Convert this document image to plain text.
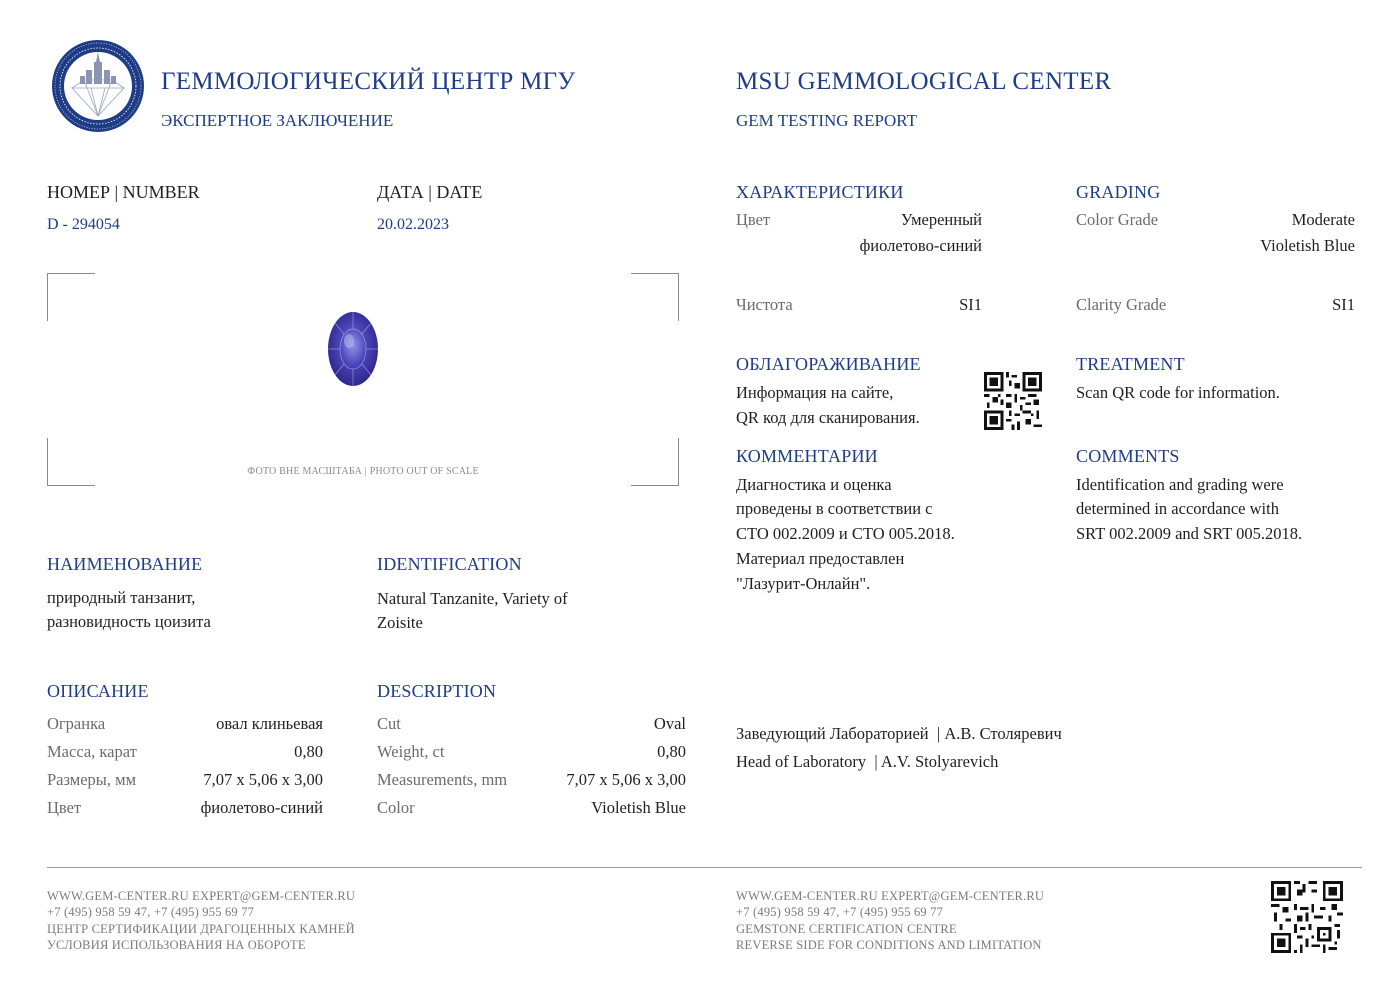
ГЕММОЛОГИЧЕСКИЙ ЦЕНТР МГУ
ЭКСПЕРТНОЕ ЗАКЛЮЧЕНИЕ
MSU GEMMOLOGICAL CENTER
GEM TESTING REPORT
НОМЕР | NUMBER
D - 294054
ДАТА | DATE
20.02.2023
ФОТО ВНЕ МАСШТАБА | PHOTO OUT OF SCALE
НАИМЕНОВАНИЕ
природный танзанит,
разновидность цоизита
IDENTIFICATION
Natural Tanzanite, Variety of
Zoisite
ОПИСАНИЕ	DESCRIPTION
Огранка	овал клиньевая
Масса, карат	0,80
Размеры, мм	7,07 x 5,06 x 3,00
Цвет	фиолетово-синий
Cut	Oval
Weight, ct	0,80
Measurements, mm	7,07 x 5,06 x 3,00
Color	Violetish Blue
ХАРАКТЕРИСТИКИ
Цвет	Умеренный
фиолетово-синий
Чистота	SI1
GRADING
Color Grade	Moderate
Violetish Blue
Clarity Grade	SI1
ОБЛАГОРАЖИВАНИЕ
Информация на сайте,
QR код для сканирования.
TREATMENT
Scan QR code for information.
КОММЕНТАРИИ
Диагностика и оценка
проведены в соответствии с
СТО 002.2009 и СТО 005.2018.
Материал предоставлен
"Лазурит-Онлайн".
COMMENTS
Identification and grading were
determined in accordance with
SRT 002.2009 and SRT 005.2018.
Заведующий Лабораторией  | А.В. Столяревич
Head of Laboratory  | A.V. Stolyarevich
WWW.GEM-CENTER.RU EXPERT@GEM-CENTER.RU
+7 (495) 958 59 47, +7 (495) 955 69 77
ЦЕНТР СЕРТИФИКАЦИИ ДРАГОЦЕННЫХ КАМНЕЙ
УСЛОВИЯ ИСПОЛЬЗОВАНИЯ НА ОБОРОТЕ
WWW.GEM-CENTER.RU EXPERT@GEM-CENTER.RU
+7 (495) 958 59 47, +7 (495) 955 69 77
GEMSTONE CERTIFICATION CENTRE
REVERSE SIDE FOR CONDITIONS AND LIMITATION
